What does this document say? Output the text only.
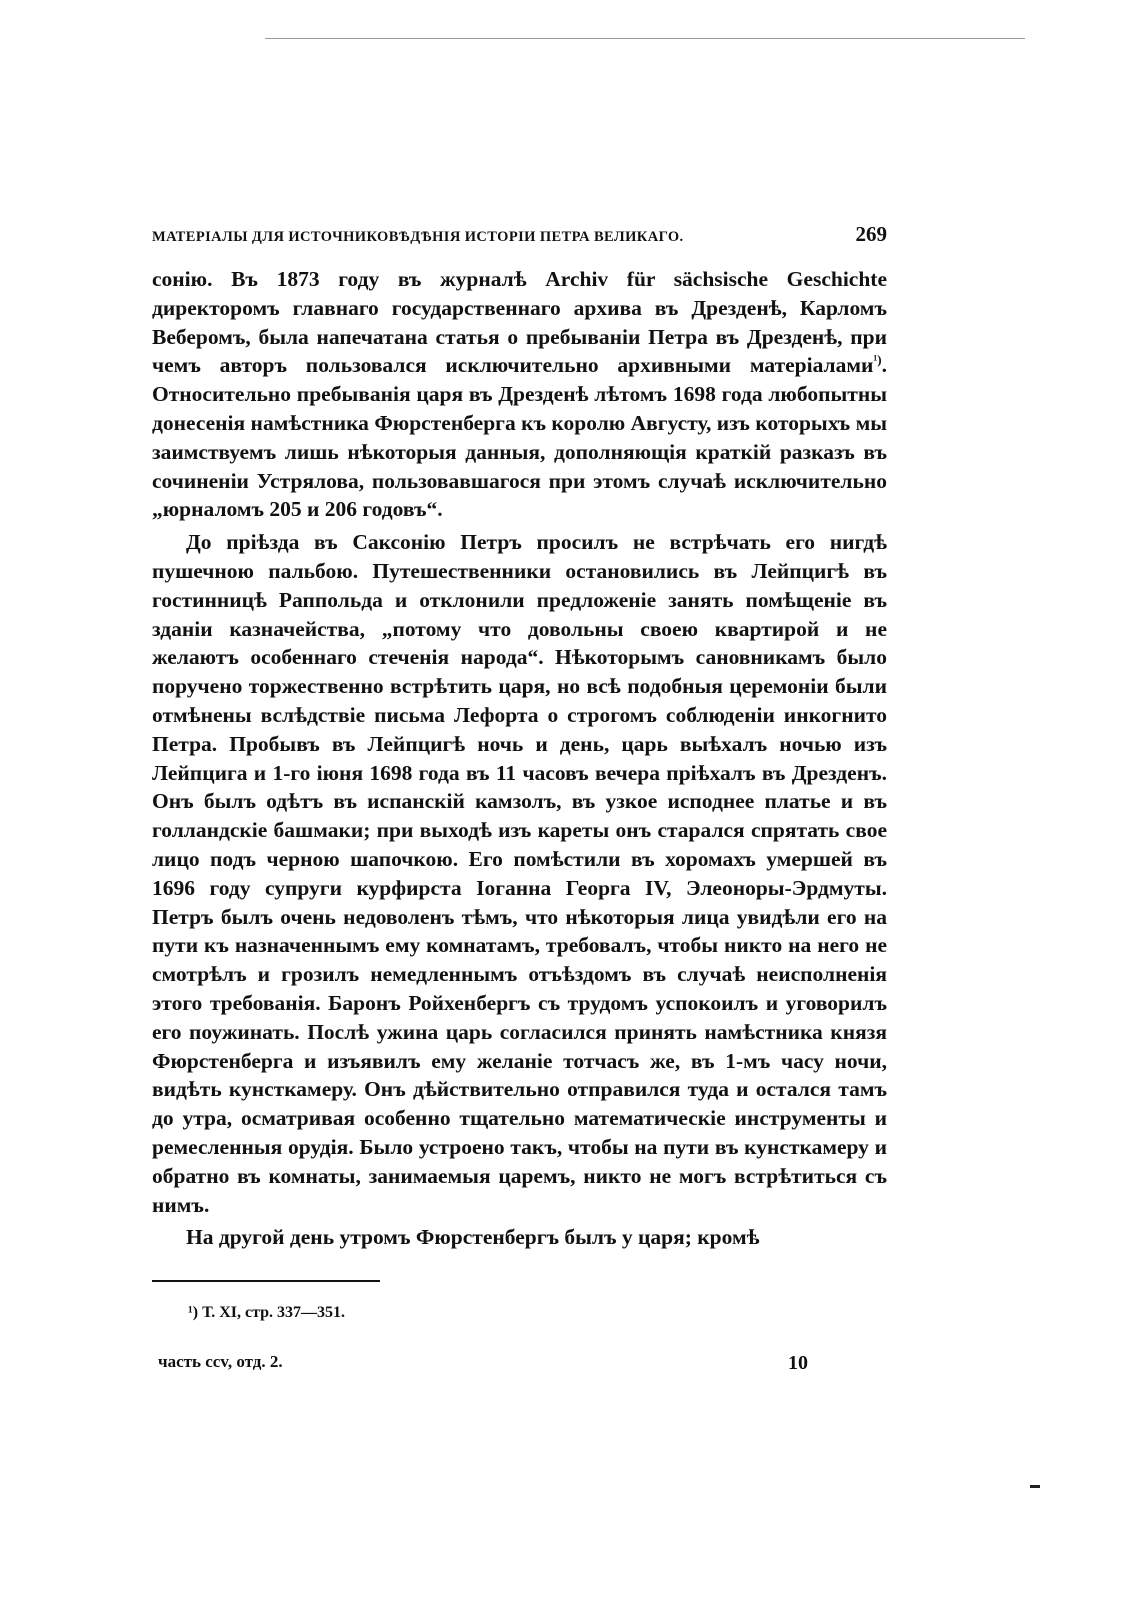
МАТЕРІАЛЫ ДЛЯ ИСТОЧНИКОВѢДѢНІЯ ИСТОРІИ ПЕТРА ВЕЛИКАГО.	269

сонію. Въ 1873 году въ журналѣ Archiv für sächsische Geschichte директоромъ главнаго государственнаго архива въ Дрезденѣ, Карломъ Веберомъ, была напечатана статья о пребываніи Петра въ Дрезденѣ, при чемъ авторъ пользовался исключительно архивными матеріалами$^{^1)}$. Относительно пребыванія царя въ Дрезденѣ лѣтомъ 1698 года любопытны донесенія намѣстника Фюрстенберга къ королю Августу, изъ которыхъ мы заимствуемъ лишь нѣкоторыя данныя, дополняющія краткій разказъ въ сочиненіи Устрялова, пользовавшагося при этомъ случаѣ исключительно „юрналомъ 205 и 206 годовъ“.

До пріѣзда въ Саксонію Петръ просилъ не встрѣчать его нигдѣ пушечною пальбою. Путешественники остановились въ Лейпцигѣ въ гостинницѣ Раппольда и отклонили предложеніе занять помѣщеніе въ зданіи казначейства, „потому что довольны своею квартирой и не желаютъ особеннаго стеченія народа“. Нѣкоторымъ сановникамъ было поручено торжественно встрѣтить царя, но всѣ подобныя церемоніи были отмѣнены вслѣдствіе письма Лефорта о строгомъ соблюденіи инкогнито Петра. Пробывъ въ Лейпцигѣ ночь и день, царь выѣхалъ ночью изъ Лейпцига и 1-го іюня 1698 года въ 11 часовъ вечера пріѣхалъ въ Дрезденъ. Онъ былъ одѣтъ въ испанскій камзолъ, въ узкое исподнее платье и въ голландскіе башмаки; при выходѣ изъ кареты онъ старался спрятать свое лицо подъ черною шапочкою. Его помѣстили въ хоромахъ умершей въ 1696 году супруги курфирста Іоганна Георга IV, Элеоноры-Эрдмуты. Петръ былъ очень недоволенъ тѣмъ, что нѣкоторыя лица увидѣли его на пути къ назначеннымъ ему комнатамъ, требовалъ, чтобы никто на него не смотрѣлъ и грозилъ немедленнымъ отъѣздомъ въ случаѣ неисполненія этого требованія. Баронъ Ройхенбергъ съ трудомъ успокоилъ и уговорилъ его поужинать. Послѣ ужина царь согласился принять намѣстника князя Фюрстенберга и изъявилъ ему желаніе тотчасъ же, въ 1-мъ часу ночи, видѣть кунсткамеру. Онъ дѣйствительно отправился туда и остался тамъ до утра, осматривая особенно тщательно математическіе инструменты и ремесленныя орудія. Было устроено такъ, чтобы на пути въ кунсткамеру и обратно въ комнаты, занимаемыя царемъ, никто не могъ встрѣтиться съ нимъ.

На другой день утромъ Фюрстенбергъ былъ у царя; кромѣ

¹) Т. XI, стр. 337—351.
часть ccv, отд. 2.	10
